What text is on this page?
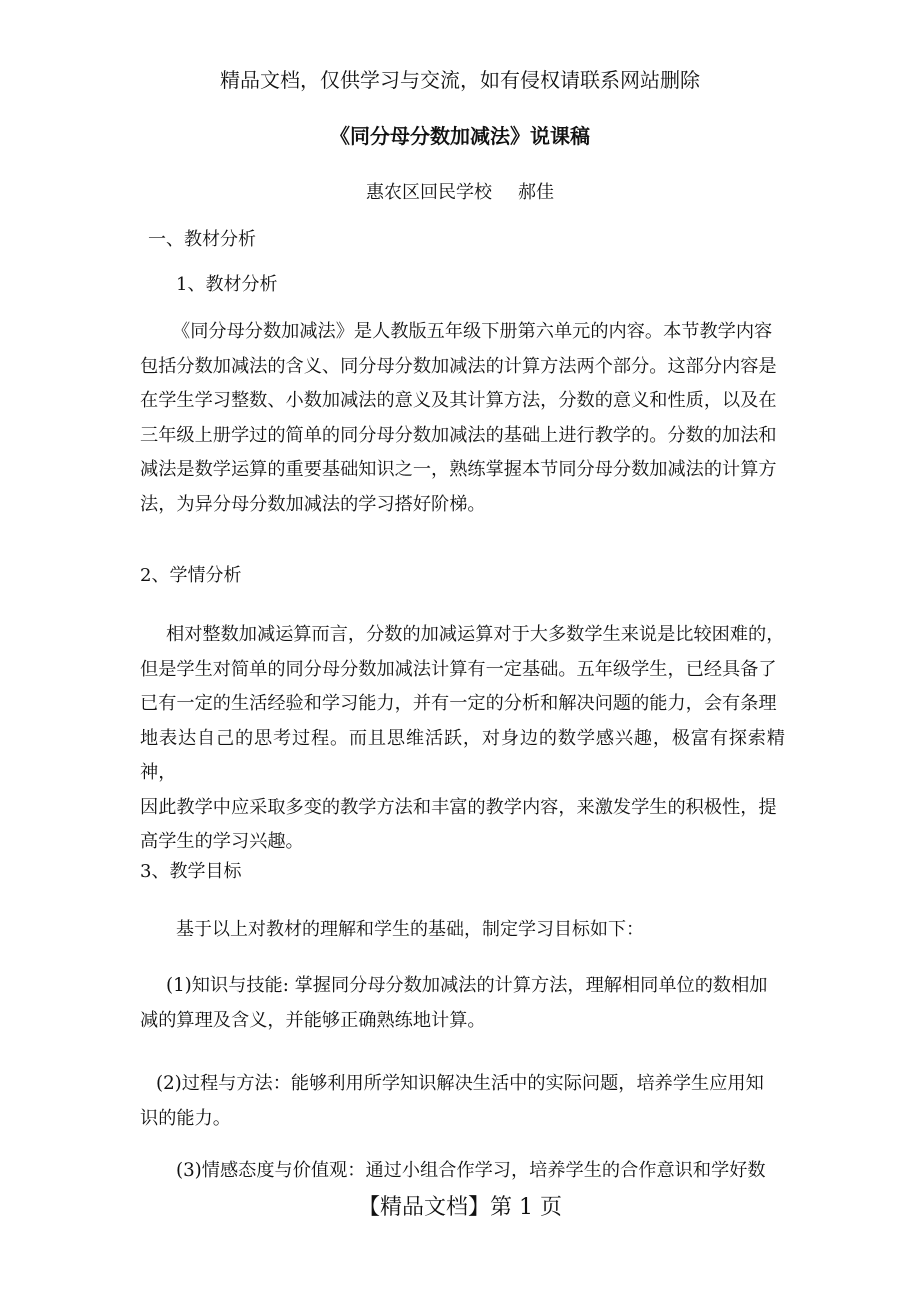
精品文档，仅供学习与交流，如有侵权请联系网站删除
《同分母分数加减法》说课稿
惠农区回民学校 郝佳
一、教材分析
1、教材分析
《同分母分数加减法》是人教版五年级下册第六单元的内容。本节教学内容
包括分数加减法的含义、同分母分数加减法的计算方法两个部分。这部分内容是
在学生学习整数、小数加减法的意义及其计算方法，分数的意义和性质，以及在
三年级上册学过的简单的同分母分数加减法的基础上进行教学的。分数的加法和
减法是数学运算的重要基础知识之一，熟练掌握本节同分母分数加减法的计算方
法，为异分母分数加减法的学习搭好阶梯。
2、学情分析
相对整数加减运算而言，分数的加减运算对于大多数学生来说是比较困难的，
但是学生对简单的同分母分数加减法计算有一定基础。五年级学生，已经具备了
已有一定的生活经验和学习能力，并有一定的分析和解决问题的能力，会有条理
地表达自己的思考过程。而且思维活跃，对身边的数学感兴趣，极富有探索精神，
因此教学中应采取多变的教学方法和丰富的教学内容，来激发学生的积极性，提
高学生的学习兴趣。
3、教学目标
基于以上对教材的理解和学生的基础，制定学习目标如下：
(1)知识与技能: 掌握同分母分数加减法的计算方法，理解相同单位的数相加
减的算理及含义，并能够正确熟练地计算。
(2)过程与方法：能够利用所学知识解决生活中的实际问题，培养学生应用知
识的能力。
(3)情感态度与价值观：通过小组合作学习，培养学生的合作意识和学好数
【精品文档】第 1 页
